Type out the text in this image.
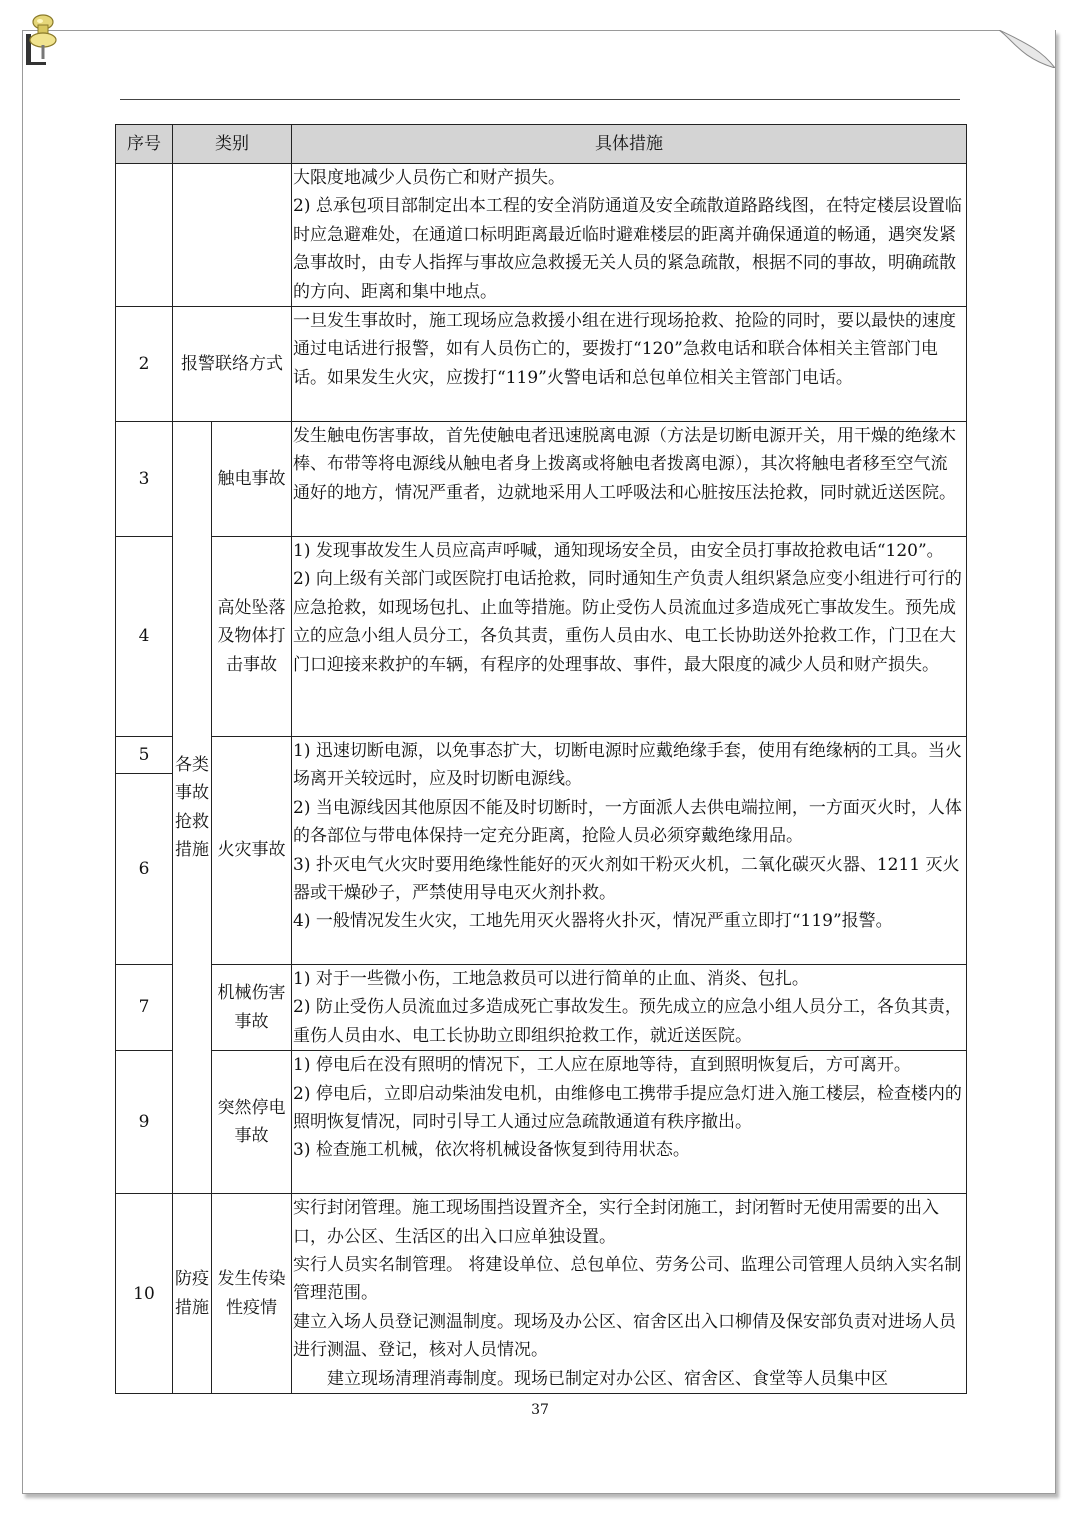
序号	类别		具体措施

			大限度地减少人员伤亡和财产损失。
2) 总承包项目部制定出本工程的安全消防通道及安全疏散道路路线图，在特定楼层设置临时应急避难处，在通道口标明距离最近临时避难楼层的距离并确保通道的畅通，遇突发紧急事故时，由专人指挥与事故应急救援无关人员的紧急疏散，根据不同的事故，明确疏散的方向、距离和集中地点。

2	报警联络方式		一旦发生事故时，施工现场应急救援小组在进行现场抢救、抢险的同时，要以最快的速度通过电话进行报警，如有人员伤亡的，要拨打“120”急救电话和联合体相关主管部门电话。如果发生火灾，应拨打“119”火警电话和总包单位相关主管部门电话。

3	各类事故抢救措施	触电事故	发生触电伤害事故，首先使触电者迅速脱离电源（方法是切断电源开关，用干燥的绝缘木棒、布带等将电源线从触电者身上拨离或将触电者拨离电源），其次将触电者移至空气流通好的地方，情况严重者，边就地采用人工呼吸法和心脏按压法抢救，同时就近送医院。

4		高处坠落及物体打击事故	1) 发现事故发生人员应高声呼喊，通知现场安全员，由安全员打事故抢救电话“120”。
2) 向上级有关部门或医院打电话抢救，同时通知生产负责人组织紧急应变小组进行可行的应急抢救，如现场包扎、止血等措施。防止受伤人员流血过多造成死亡事故发生。预先成立的应急小组人员分工，各负其责，重伤人员由水、电工长协助送外抢救工作，门卫在大门口迎接来救护的车辆，有程序的处理事故、事件，最大限度的减少人员和财产损失。

5		火灾事故	1) 迅速切断电源，以免事态扩大，切断电源时应戴绝缘手套，使用有绝缘柄的工具。当火场离开关较远时，应及时切断电源线。
2) 当电源线因其他原因不能及时切断时，一方面派人去供电端拉闸，一方面灭火时，人体的各部位与带电体保持一定充分距离，抢险人员必须穿戴绝缘用品。
3) 扑灭电气火灾时要用绝缘性能好的灭火剂如干粉灭火机，二氧化碳灭火器、1211 灭火器或干燥砂子，严禁使用导电灭火剂扑救。
4) 一般情况发生火灾，工地先用灭火器将火扑灭，情况严重立即打“119”报警。

6			
7		机械伤害事故	1) 对于一些微小伤，工地急救员可以进行简单的止血、消炎、包扎。
2) 防止受伤人员流血过多造成死亡事故发生。预先成立的应急小组人员分工，各负其责，重伤人员由水、电工长协助立即组织抢救工作，就近送医院。

9		突然停电事故	1) 停电后在没有照明的情况下，工人应在原地等待，直到照明恢复后，方可离开。
2) 停电后，立即启动柴油发电机，由维修电工携带手提应急灯进入施工楼层，检查楼内的照明恢复情况，同时引导工人通过应急疏散通道有秩序撤出。
3) 检查施工机械，依次将机械设备恢复到待用状态。

10	防疫措施	发生传染性疫情	实行封闭管理。施工现场围挡设置齐全，实行全封闭施工，封闭暂时无使用需要的出入口，办公区、生活区的出入口应单独设置。
实行人员实名制管理。 将建设单位、总包单位、劳务公司、监理公司管理人员纳入实名制管理范围。
建立入场人员登记测温制度。现场及办公区、宿舍区出入口柳倩及保安部负责对进场人员进行测温、登记，核对人员情况。
　　建立现场清理消毒制度。现场已制定对办公区、宿舍区、食堂等人员集中区
37
